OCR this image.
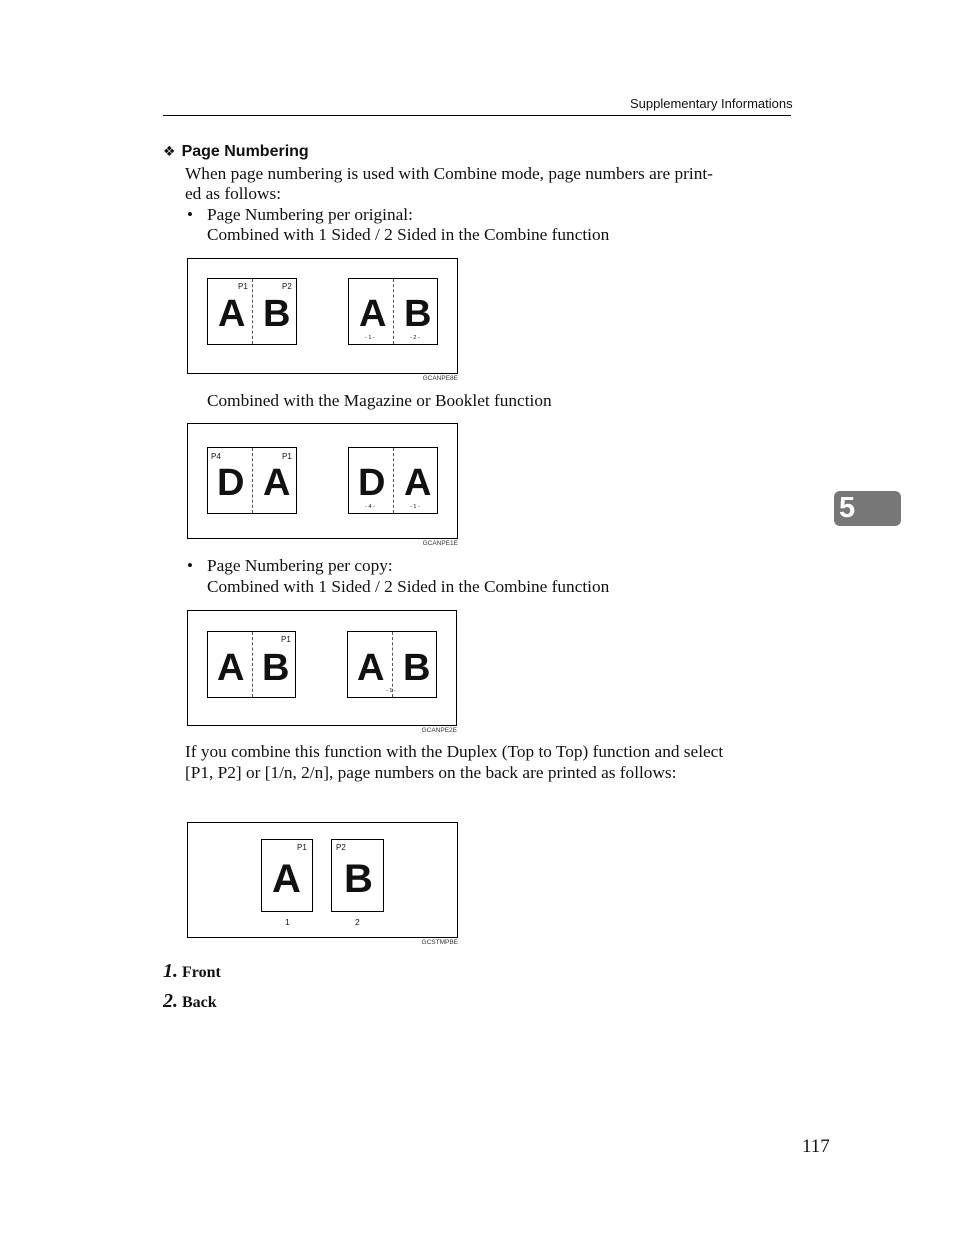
Supplementary Informations
❖ Page Numbering
When page numbering is used with Combine mode, page numbers are print-
ed as follows:
• Page Numbering per original:
Combined with 1 Sided / 2 Sided in the Combine function
P1	P2
A B A B
- 1 -	- 2 -
GCANPE8E
Combined with the Magazine or Booklet function
P4	P1
D A D A
- 4 -	- 1 -
GCANPE1E
• Page Numbering per copy:
Combined with 1 Sided / 2 Sided in the Combine function
P1
A B A B
- 1 -
GCANPE2E
If you combine this function with the Duplex (Top to Top) function and select
[P1, P2] or [1/n, 2/n], page numbers on the back are printed as follows:
P1
A
P2
B
1	2
GCSTMPBE
1. Front
2. Back
5
117
